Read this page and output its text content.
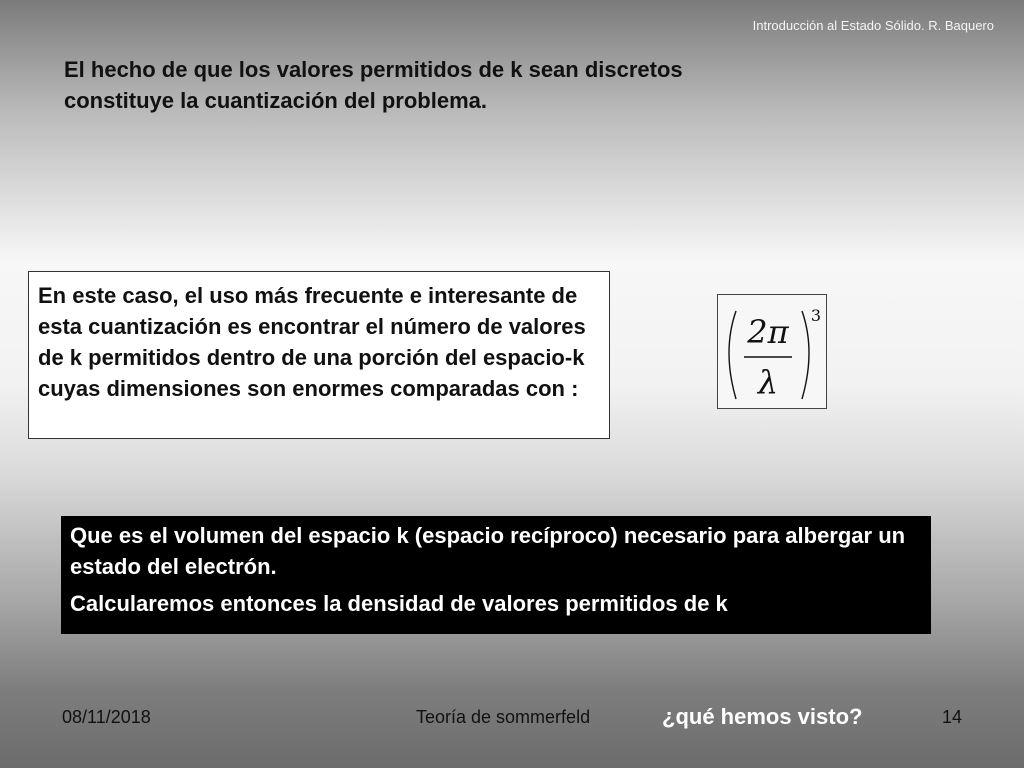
Introducción al Estado Sólido. R. Baquero
El hecho de que los valores permitidos de k sean discretos constituye la cuantización del problema.
En este caso, el uso más frecuente e interesante de esta cuantización es encontrar el número de valores de k permitidos dentro de una porción del espacio-k cuyas dimensiones son enormes comparadas con :
2π
λ
3

Que es el volumen del espacio k (espacio recíproco) necesario para albergar un estado del electrón.

Calcularemos entonces la densidad de valores permitidos de k

08/11/2018	Teoría de sommerfeld	¿qué hemos visto?	14
